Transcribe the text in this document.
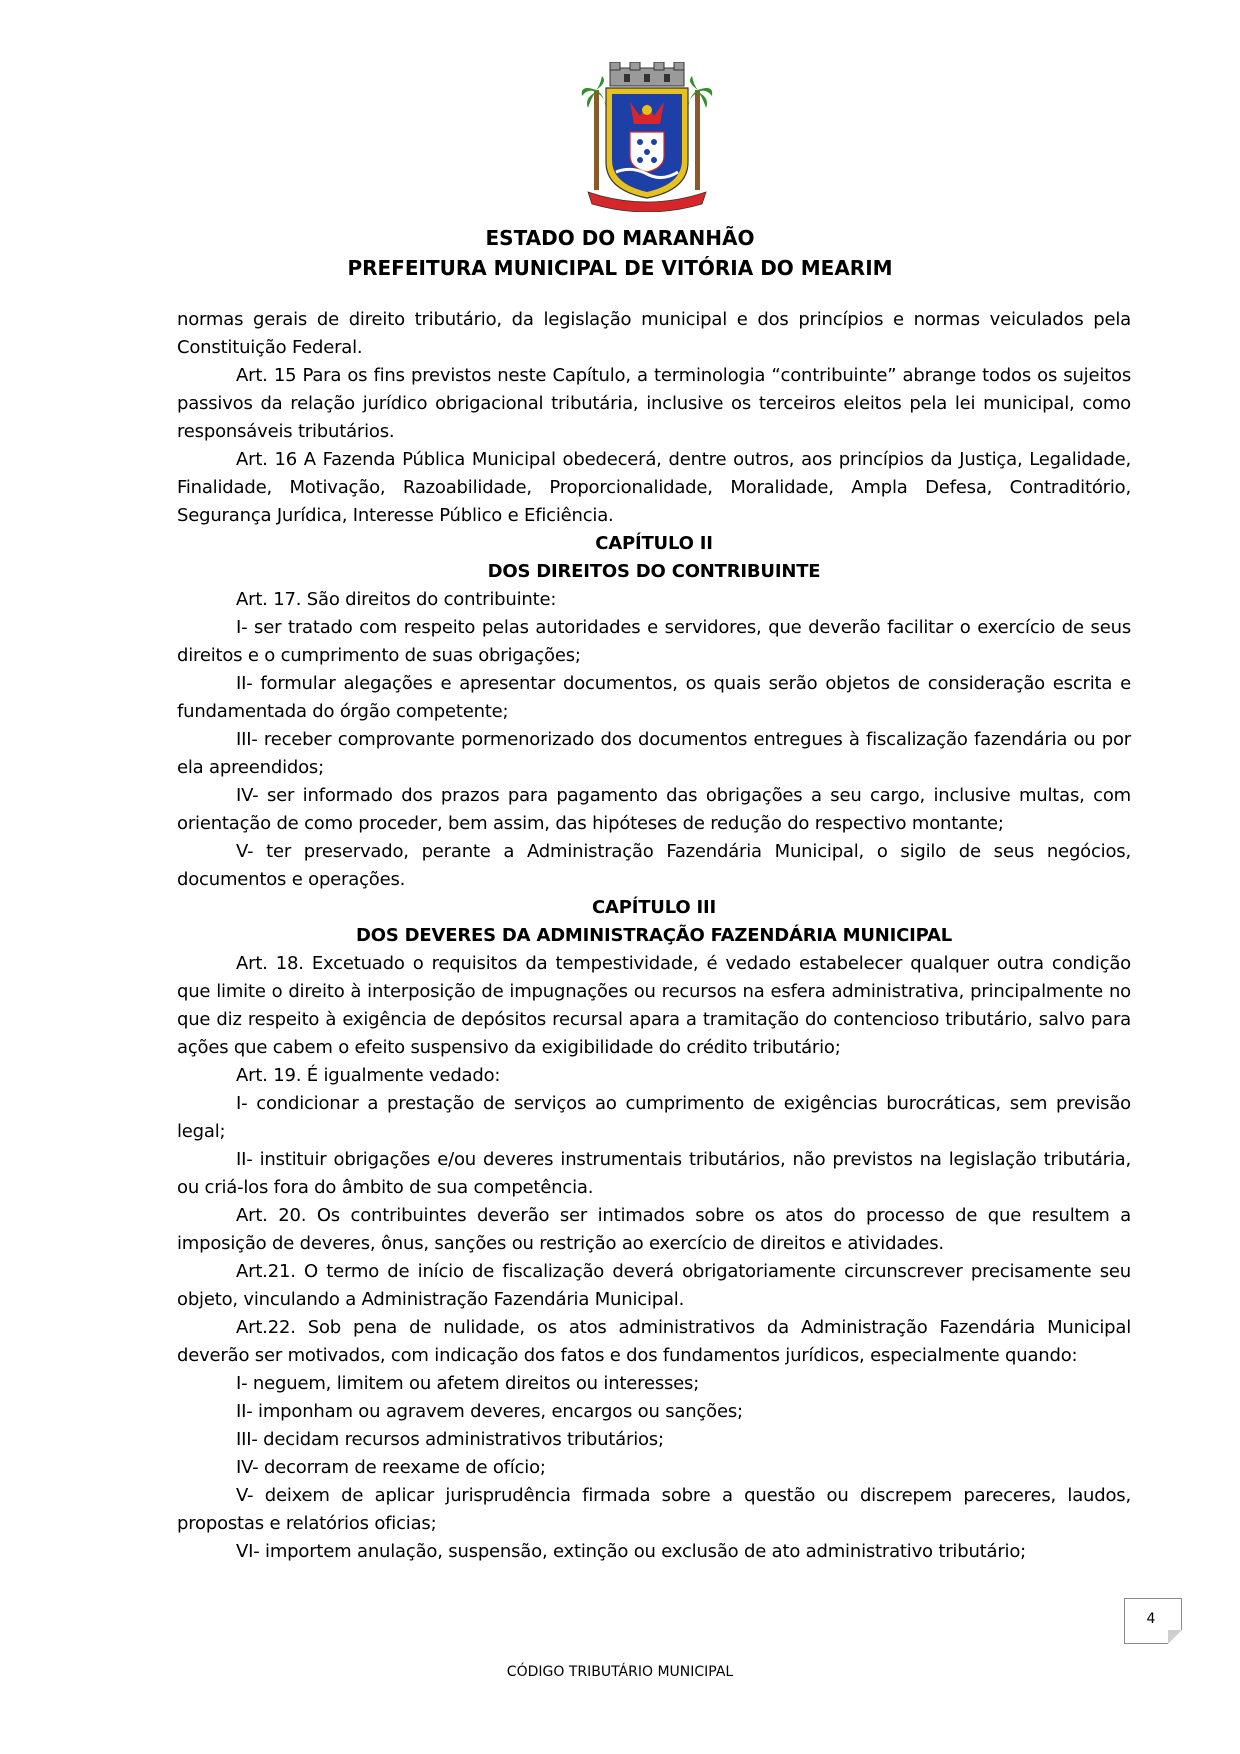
ESTADO DO MARANHÃO
PREFEITURA MUNICIPAL DE VITÓRIA DO MEARIM

normas gerais de direito tributário, da legislação municipal e dos princípios e normas veiculados pela Constituição Federal.

Art. 15 Para os fins previstos neste Capítulo, a terminologia “contribuinte” abrange todos os sujeitos passivos da relação jurídico obrigacional tributária, inclusive os terceiros eleitos pela lei municipal, como responsáveis tributários.

Art. 16 A Fazenda Pública Municipal obedecerá, dentre outros, aos princípios da Justiça, Legalidade, Finalidade, Motivação, Razoabilidade, Proporcionalidade, Moralidade, Ampla Defesa, Contraditório, Segurança Jurídica, Interesse Público e Eficiência.

CAPÍTULO II

DOS DIREITOS DO CONTRIBUINTE

Art. 17. São direitos do contribuinte:

I- ser tratado com respeito pelas autoridades e servidores, que deverão facilitar o exercício de seus direitos e o cumprimento de suas obrigações;

II- formular alegações e apresentar documentos, os quais serão objetos de consideração escrita e fundamentada do órgão competente;

III- receber comprovante pormenorizado dos documentos entregues à fiscalização fazendária ou por ela apreendidos;

IV- ser informado dos prazos para pagamento das obrigações a seu cargo, inclusive multas, com orientação de como proceder, bem assim, das hipóteses de redução do respectivo montante;

V- ter preservado, perante a Administração Fazendária Municipal, o sigilo de seus negócios, documentos e operações.

CAPÍTULO III

DOS DEVERES DA ADMINISTRAÇÃO FAZENDÁRIA MUNICIPAL

Art. 18. Excetuado o requisitos da tempestividade, é vedado estabelecer qualquer outra condição que limite o direito à interposição de impugnações ou recursos na esfera administrativa, principalmente no que diz respeito à exigência de depósitos recursal apara a tramitação do contencioso tributário, salvo para ações que cabem o efeito suspensivo da exigibilidade do crédito tributário;

Art. 19. É igualmente vedado:

I- condicionar a prestação de serviços ao cumprimento de exigências burocráticas, sem previsão legal;

II- instituir obrigações e/ou deveres instrumentais tributários, não previstos na legislação tributária, ou criá-los fora do âmbito de sua competência.

Art. 20. Os contribuintes deverão ser intimados sobre os atos do processo de que resultem a imposição de deveres, ônus, sanções ou restrição ao exercício de direitos e atividades.

Art.21. O termo de início de fiscalização deverá obrigatoriamente circunscrever precisamente seu objeto, vinculando a Administração Fazendária Municipal.

Art.22. Sob pena de nulidade, os atos administrativos da Administração Fazendária Municipal deverão ser motivados, com indicação dos fatos e dos fundamentos jurídicos, especialmente quando:

I- neguem, limitem ou afetem direitos ou interesses;

II- imponham ou agravem deveres, encargos ou sanções;

III- decidam recursos administrativos tributários;

IV- decorram de reexame de ofício;

V- deixem de aplicar jurisprudência firmada sobre a questão ou discrepem pareceres, laudos, propostas e relatórios oficias;

VI- importem anulação, suspensão, extinção ou exclusão de ato administrativo tributário;

4
CÓDIGO TRIBUTÁRIO MUNICIPAL
